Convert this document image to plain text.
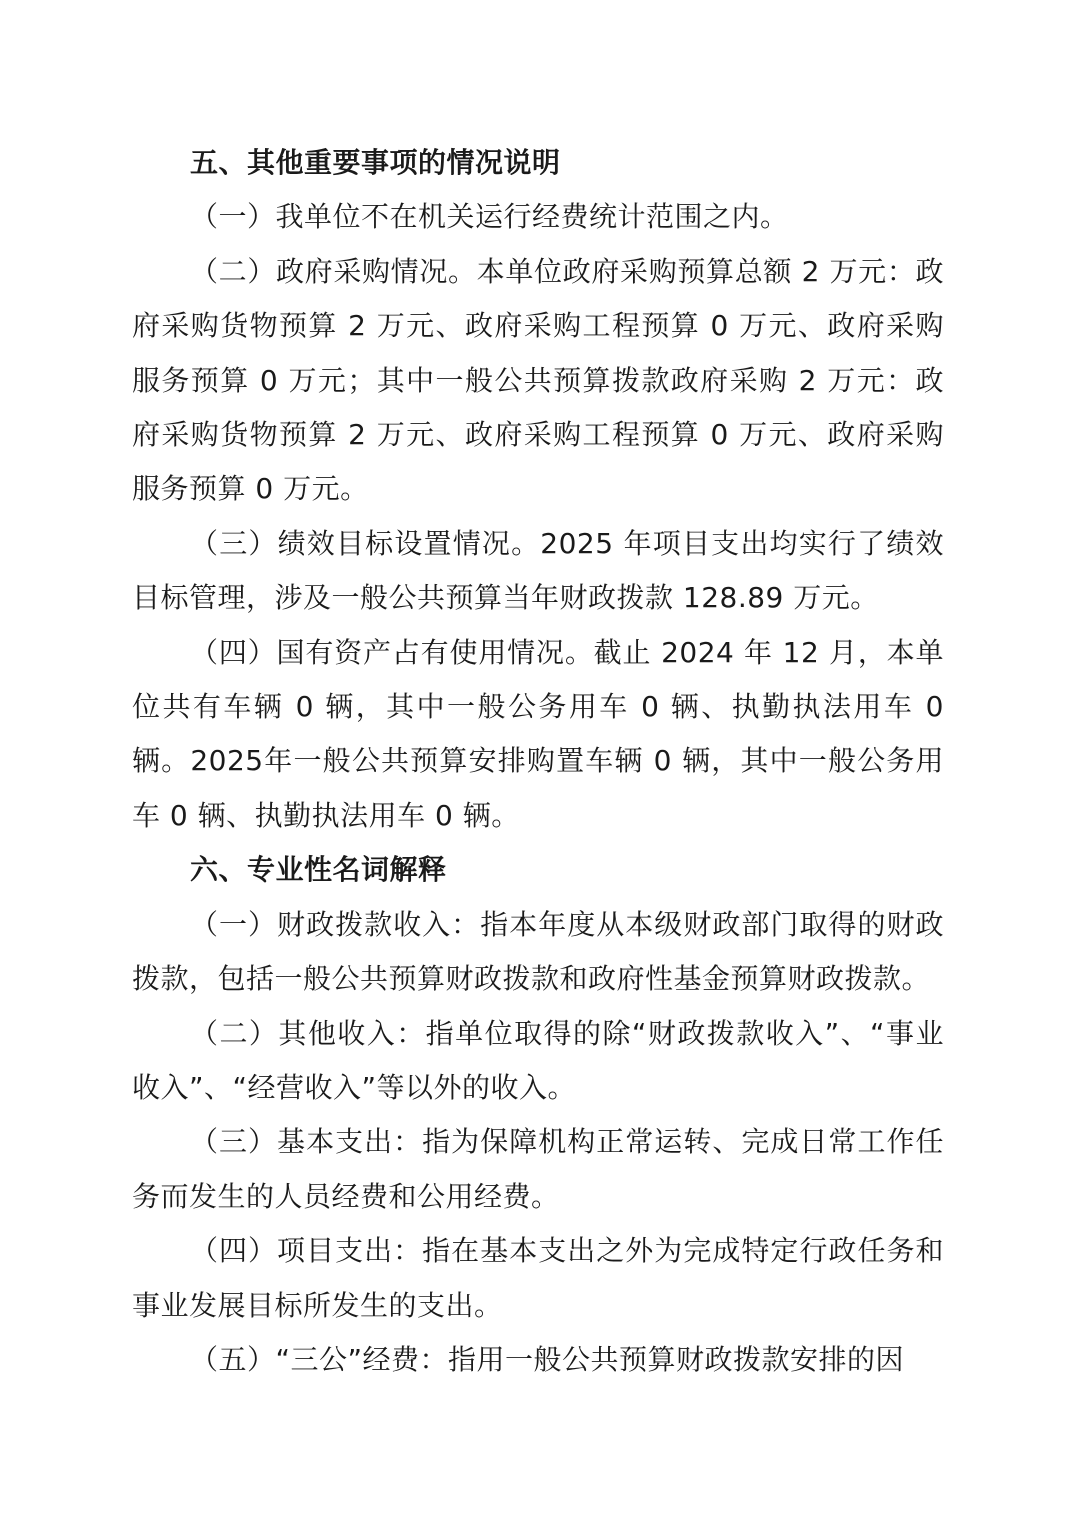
五、其他重要事项的情况说明

（一）我单位不在机关运行经费统计范围之内。

（二）政府采购情况。本单位政府采购预算总额 2 万元：政府采购货物预算 2 万元、政府采购工程预算 0 万元、政府采购服务预算 0 万元；其中一般公共预算拨款政府采购 2 万元：政府采购货物预算 2 万元、政府采购工程预算 0 万元、政府采购服务预算 0 万元。

（三）绩效目标设置情况。2025 年项目支出均实行了绩效目标管理，涉及一般公共预算当年财政拨款 128.89 万元。

（四）国有资产占有使用情况。截止 2024 年 12 月，本单位共有车辆 0 辆，其中一般公务用车 0 辆、执勤执法用车 0 辆。2025年一般公共预算安排购置车辆 0 辆，其中一般公务用车 0 辆、执勤执法用车 0 辆。

六、专业性名词解释

（一）财政拨款收入：指本年度从本级财政部门取得的财政拨款，包括一般公共预算财政拨款和政府性基金预算财政拨款。

（二）其他收入：指单位取得的除“财政拨款收入”、“事业收入”、“经营收入”等以外的收入。

（三）基本支出：指为保障机构正常运转、完成日常工作任务而发生的人员经费和公用经费。

（四）项目支出：指在基本支出之外为完成特定行政任务和事业发展目标所发生的支出。

（五）“三公”经费：指用一般公共预算财政拨款安排的因
